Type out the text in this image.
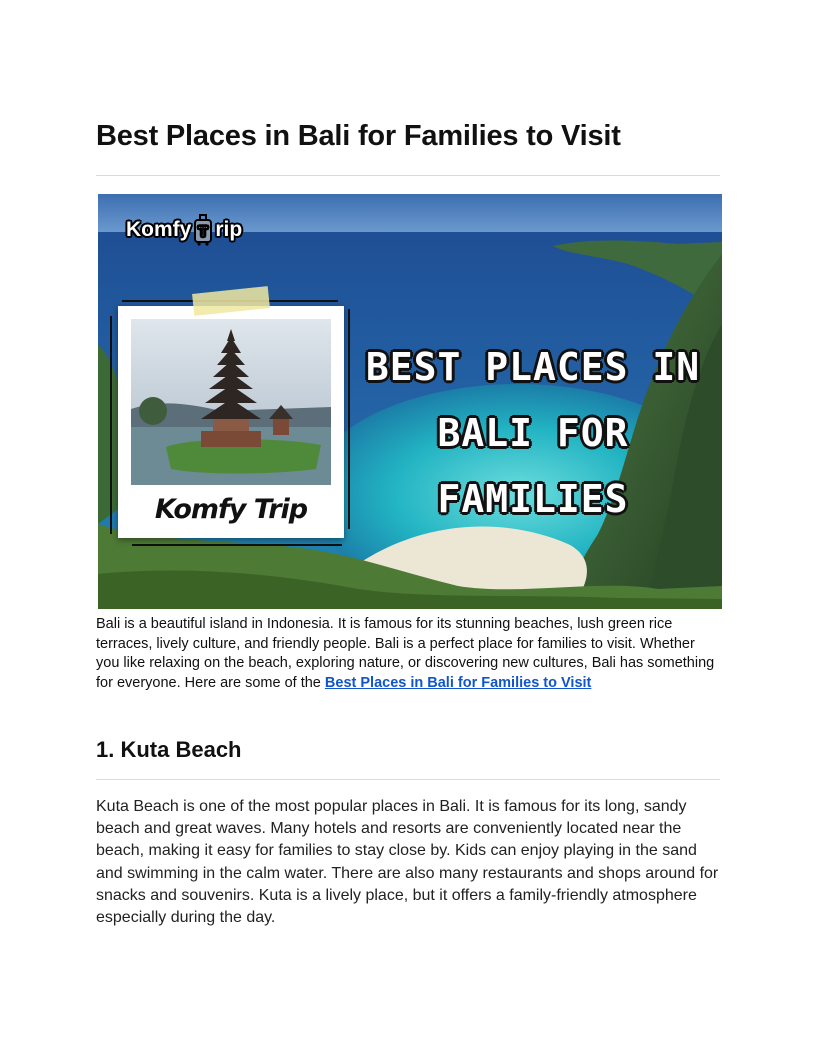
Best Places in Bali for Families to Visit
Komfy T rip
Komfy Trip
BEST PLACES IN
BALI FOR
FAMILIES

Bali is a beautiful island in Indonesia. It is famous for its stunning beaches, lush green rice terraces, lively culture, and friendly people. Bali is a perfect place for families to visit. Whether you like relaxing on the beach, exploring nature, or discovering new cultures, Bali has something for everyone. Here are some of the Best Places in Bali for Families to Visit

1. Kuta Beach

Kuta Beach is one of the most popular places in Bali. It is famous for its long, sandy beach and great waves. Many hotels and resorts are conveniently located near the beach, making it easy for families to stay close by. Kids can enjoy playing in the sand and swimming in the calm water. There are also many restaurants and shops around for snacks and souvenirs. Kuta is a lively place, but it offers a family-friendly atmosphere especially during the day.
